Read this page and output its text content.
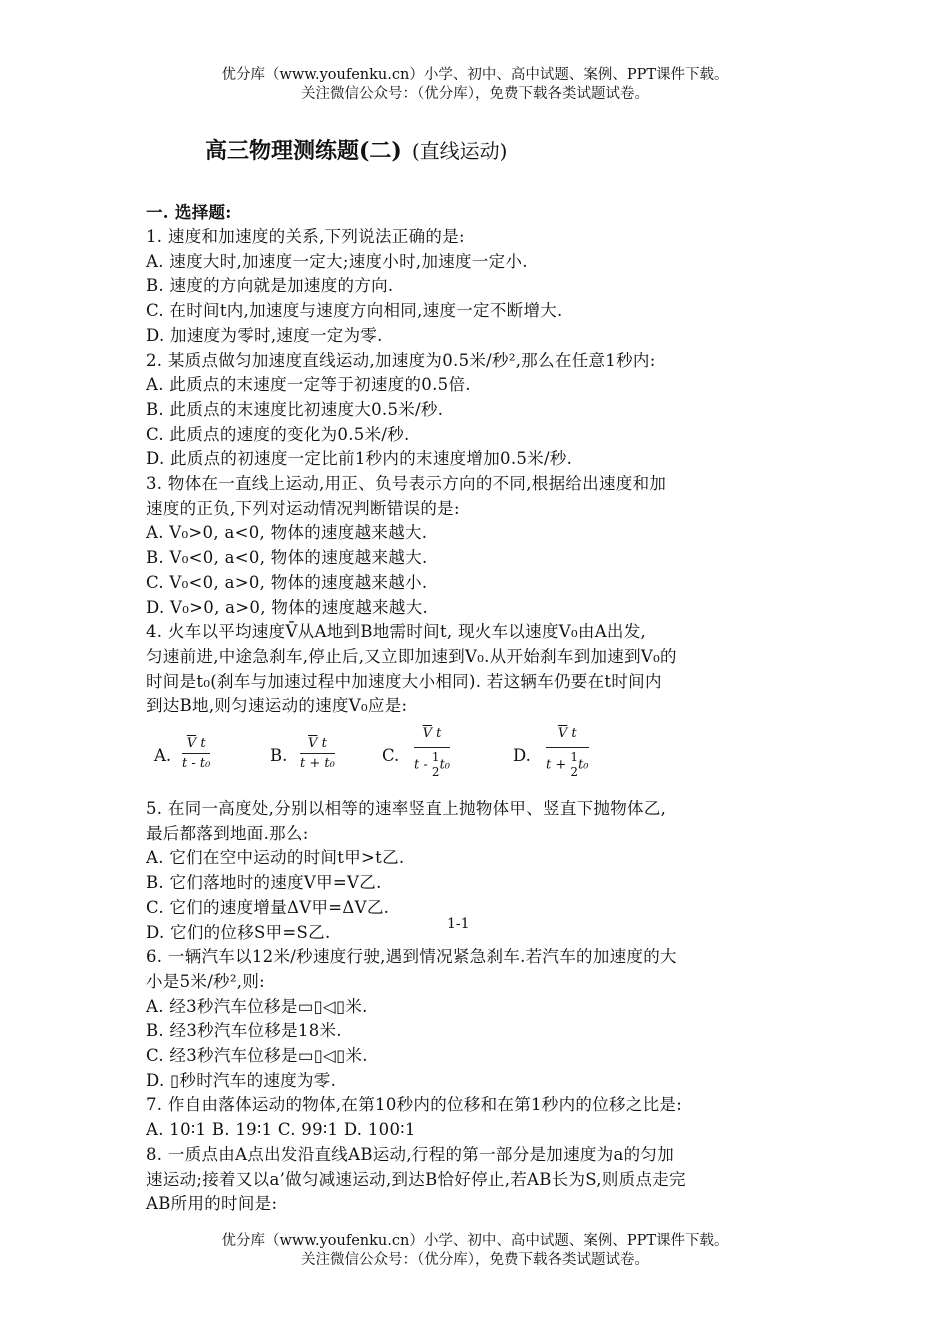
优分库（www.youfenku.cn）小学、初中、高中试题、案例、PPT课件下载。
关注微信公众号：（优分库），免费下载各类试题试卷。
高三物理测练题(二) (直线运动)
一. 选择题:
1. 速度和加速度的关系,下列说法正确的是:
A. 速度大时,加速度一定大;速度小时,加速度一定小.
B. 速度的方向就是加速度的方向.
C. 在时间t内,加速度与速度方向相同,速度一定不断增大.
D. 加速度为零时,速度一定为零.
2. 某质点做匀加速度直线运动,加速度为0.5米/秒²,那么在任意1秒内:
A. 此质点的末速度一定等于初速度的0.5倍.
B. 此质点的末速度比初速度大0.5米/秒.
C. 此质点的速度的变化为0.5米/秒.
D. 此质点的初速度一定比前1秒内的末速度增加0.5米/秒.
3. 物体在一直线上运动,用正、负号表示方向的不同,根据给出速度和加
速度的正负,下列对运动情况判断错误的是:
A. V₀>0, a<0, 物体的速度越来越大.
B. V₀<0, a<0, 物体的速度越来越大.
C. V₀<0, a>0, 物体的速度越来越小.
D. V₀>0, a>0, 物体的速度越来越大.
4. 火车以平均速度V̄从A地到B地需时间t, 现火车以速度V₀由A出发,
匀速前进,中途急刹车,停止后,又立即加速到V₀.从开始刹车到加速到V₀的
时间是t₀(刹车与加速过程中加速度大小相同). 若这辆车仍要在t时间内
到达B地,则匀速运动的速度V₀应是:
A. $\frac{\overline{V} t}{\text{t - t₀}}$	B. $\frac{\overline{V} t}{\text{t + t₀}}$	C.
$\overline{V}$ t
t - 1
2t₀	D.
$\overline{V}$ t
t + 1
2t₀
5. 在同一高度处,分别以相等的速率竖直上抛物体甲、竖直下抛物体乙,
最后都落到地面.那么:
A. 它们在空中运动的时间t甲>t乙.
B. 它们落地时的速度V甲=V乙.
C. 它们的速度增量ΔV甲=ΔV乙.
D. 它们的位移S甲=S乙.
6. 一辆汽车以12米/秒速度行驶,遇到情况紧急刹车.若汽车的加速度的大
小是5米/秒²,则:
A. 经3秒汽车位移是▭▯◁▯米.
B. 经3秒汽车位移是18米.
C. 经3秒汽车位移是▭▯◁▯米.
D. ▯秒时汽车的速度为零.
7. 作自由落体运动的物体,在第10秒内的位移和在第1秒内的位移之比是:
A. 10∶1 B. 19∶1 C. 99∶1 D. 100∶1
8. 一质点由A点出发沿直线AB运动,行程的第一部分是加速度为a的匀加
速运动;接着又以a’做匀减速运动,到达B恰好停止,若AB长为S,则质点走完
AB所用的时间是:
1-1
优分库（www.youfenku.cn）小学、初中、高中试题、案例、PPT课件下载。
关注微信公众号：（优分库），免费下载各类试题试卷。
